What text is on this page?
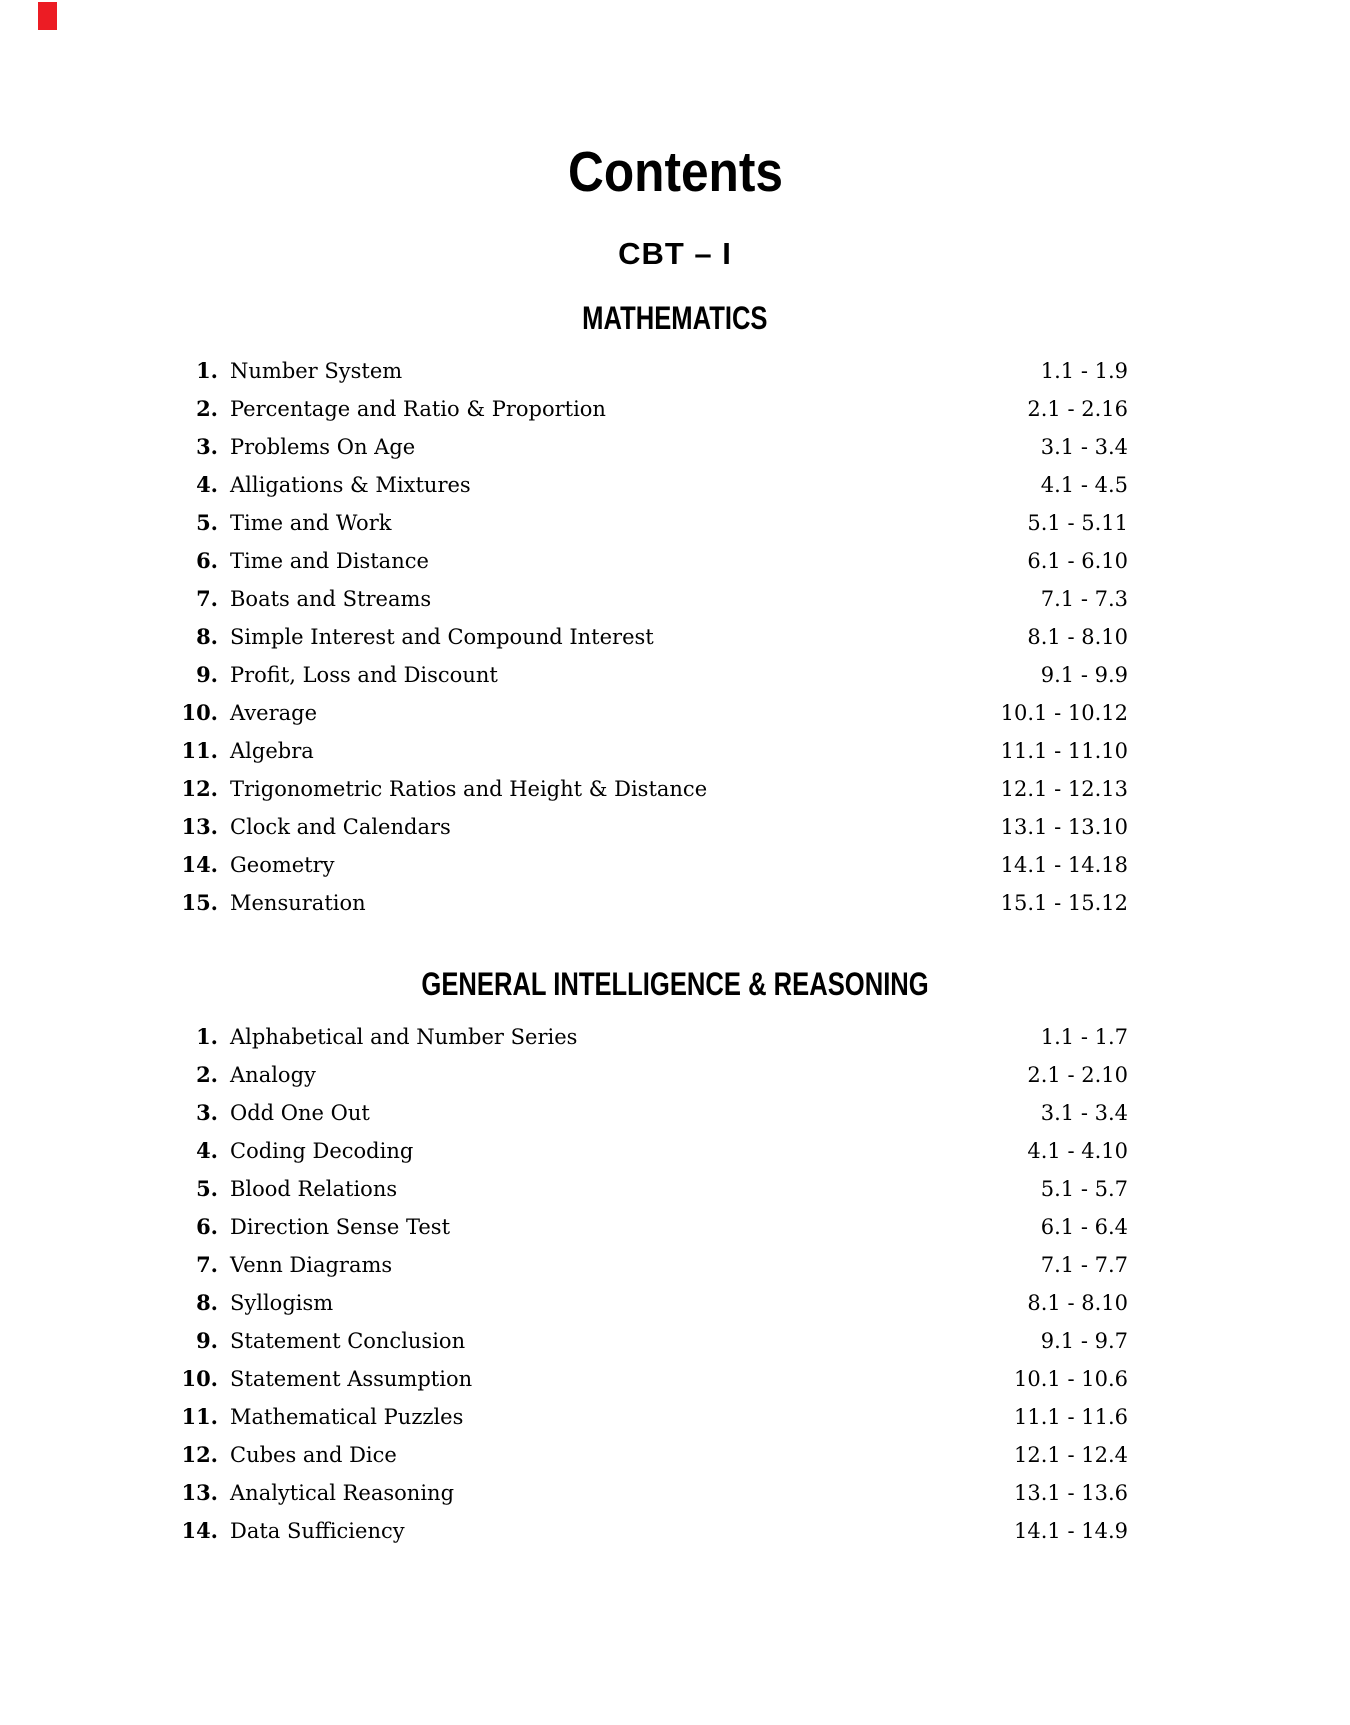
Contents
CBT – I
MATHEMATICS
1. Number System	1.1 - 1.9
2. Percentage and Ratio & Proportion	2.1 - 2.16
3. Problems On Age	3.1 - 3.4
4. Alligations & Mixtures	4.1 - 4.5
5. Time and Work	5.1 - 5.11
6. Time and Distance	6.1 - 6.10
7. Boats and Streams	7.1 - 7.3
8. Simple Interest and Compound Interest	8.1 - 8.10
9. Profit, Loss and Discount	9.1 - 9.9
10. Average	10.1 - 10.12
11. Algebra	11.1 - 11.10
12. Trigonometric Ratios and Height & Distance	12.1 - 12.13
13. Clock and Calendars	13.1 - 13.10
14. Geometry	14.1 - 14.18
15. Mensuration	15.1 - 15.12
GENERAL INTELLIGENCE & REASONING
1. Alphabetical and Number Series	1.1 - 1.7
2. Analogy	2.1 - 2.10
3. Odd One Out	3.1 - 3.4
4. Coding Decoding	4.1 - 4.10
5. Blood Relations	5.1 - 5.7
6. Direction Sense Test	6.1 - 6.4
7. Venn Diagrams	7.1 - 7.7
8. Syllogism	8.1 - 8.10
9. Statement Conclusion	9.1 - 9.7
10. Statement Assumption	10.1 - 10.6
11. Mathematical Puzzles	11.1 - 11.6
12. Cubes and Dice	12.1 - 12.4
13. Analytical Reasoning	13.1 - 13.6
14. Data Sufficiency	14.1 - 14.9
